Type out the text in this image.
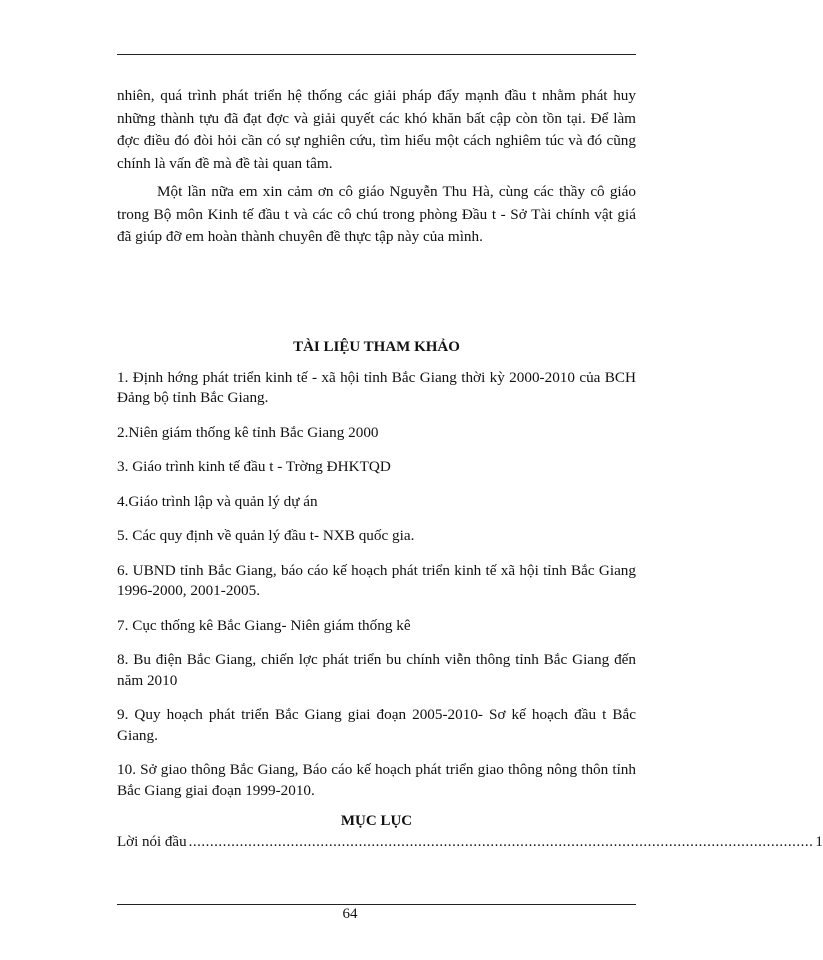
nhiên, quá trình phát triển hệ thống các giải pháp đẩy mạnh đầu t nhằm phát huy những thành tựu đã đạt đợc và giải quyết các khó khăn bất cập còn tồn tại. Để làm đợc điều đó đòi hỏi cần có sự nghiên cứu, tìm hiểu một cách nghiêm túc và đó cũng chính là vấn đề mà đề tài quan tâm.

Một lần nữa em xin cảm ơn cô giáo Nguyễn Thu Hà, cùng các thầy cô giáo trong Bộ môn Kinh tế đầu t và các cô chú trong phòng Đầu t - Sở Tài chính vật giá đã giúp đỡ em hoàn thành chuyên đề thực tập này của mình.

TÀI LIỆU THAM KHẢO

1. Định hớng phát triển kinh tế - xã hội tỉnh Bắc Giang thời kỳ 2000-2010 của BCH Đảng bộ tỉnh Bắc Giang.

2.Niên giám thống kê tỉnh Bắc Giang 2000

3. Giáo trình kinh tế đầu t - Trờng ĐHKTQD

4.Giáo trình lập và quản lý dự án

5. Các quy định về quản lý đầu t- NXB quốc gia.

6. UBND tỉnh Bắc Giang, báo cáo kế hoạch phát triển kinh tế xã hội tỉnh Bắc Giang 1996-2000, 2001-2005.

7. Cục thống kê Bắc Giang- Niên giám thống kê

8. Bu điện Bắc Giang, chiến lợc phát triển bu chính viễn thông tỉnh Bắc Giang đến năm 2010

9. Quy hoạch phát triển Bắc Giang giai đoạn 2005-2010- Sơ kế hoạch đầu t Bắc Giang.

10. Sở giao thông Bắc Giang, Báo cáo kế hoạch phát triển giao thông nông thôn tỉnh Bắc Giang giai đoạn 1999-2010.

MỤC LỤC

Lời nói đầu ................................................................................................................................................... 1
64
